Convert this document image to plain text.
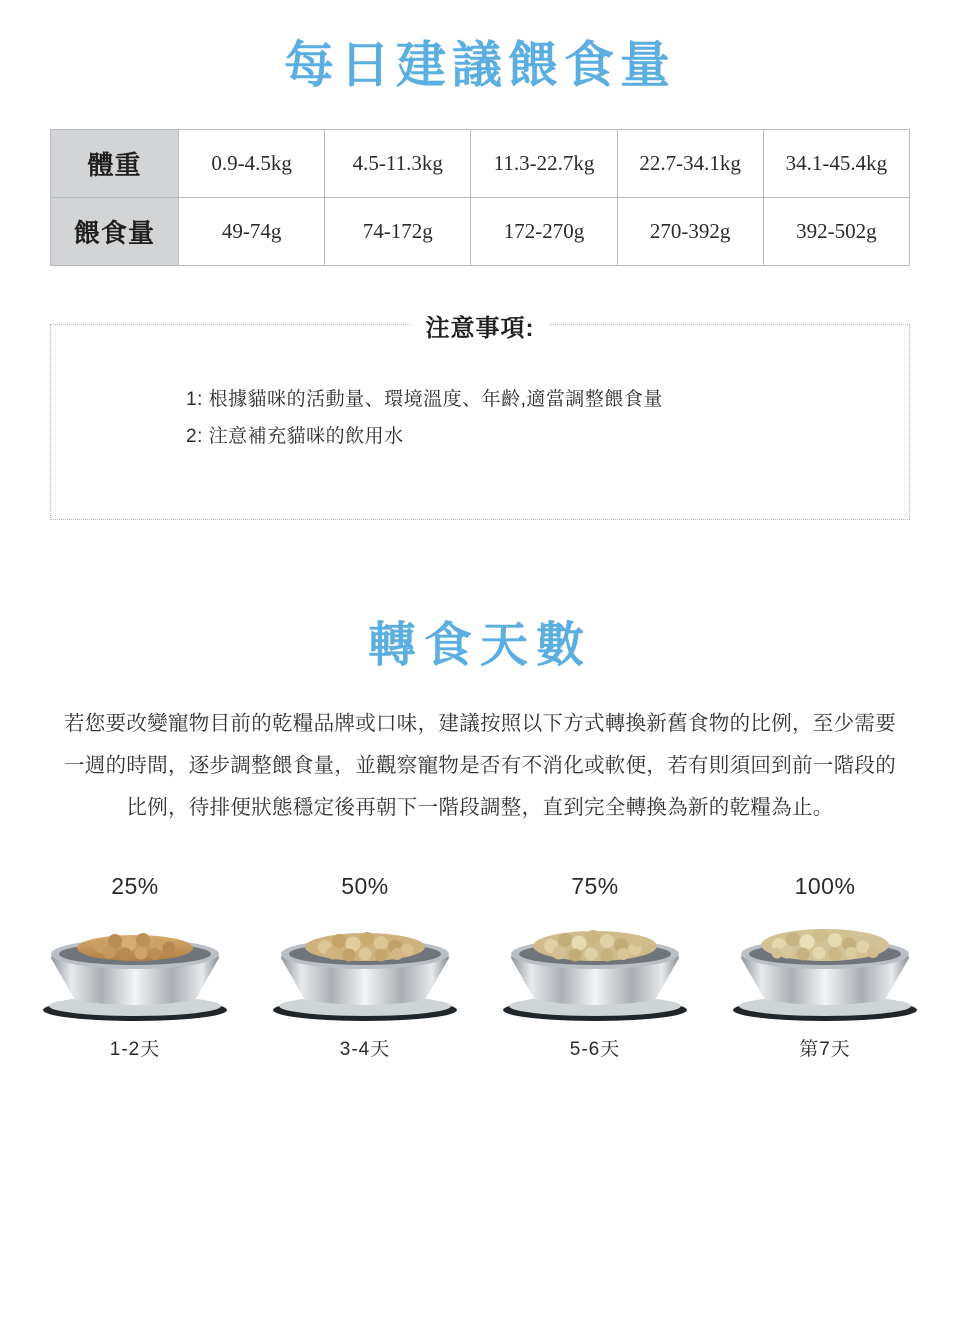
每日建議餵食量
體重	0.9-4.5kg	4.5-11.3kg	11.3-22.7kg	22.7-34.1kg	34.1-45.4kg
餵食量	49-74g	74-172g	172-270g	270-392g	392-502g
注意事項:
1: 根據貓咪的活動量、環境溫度、年齡,適當調整餵食量
2: 注意補充貓咪的飲用水
轉食天數
若您要改變寵物目前的乾糧品牌或口味，建議按照以下方式轉換新舊食物的比例，至少需要一週的時間，逐步調整餵食量，並觀察寵物是否有不消化或軟便，若有則須回到前一階段的比例，待排便狀態穩定後再朝下一階段調整，直到完全轉換為新的乾糧為止。
25%
1-2天
50%
3-4天
75%
5-6天
100%
第7天
